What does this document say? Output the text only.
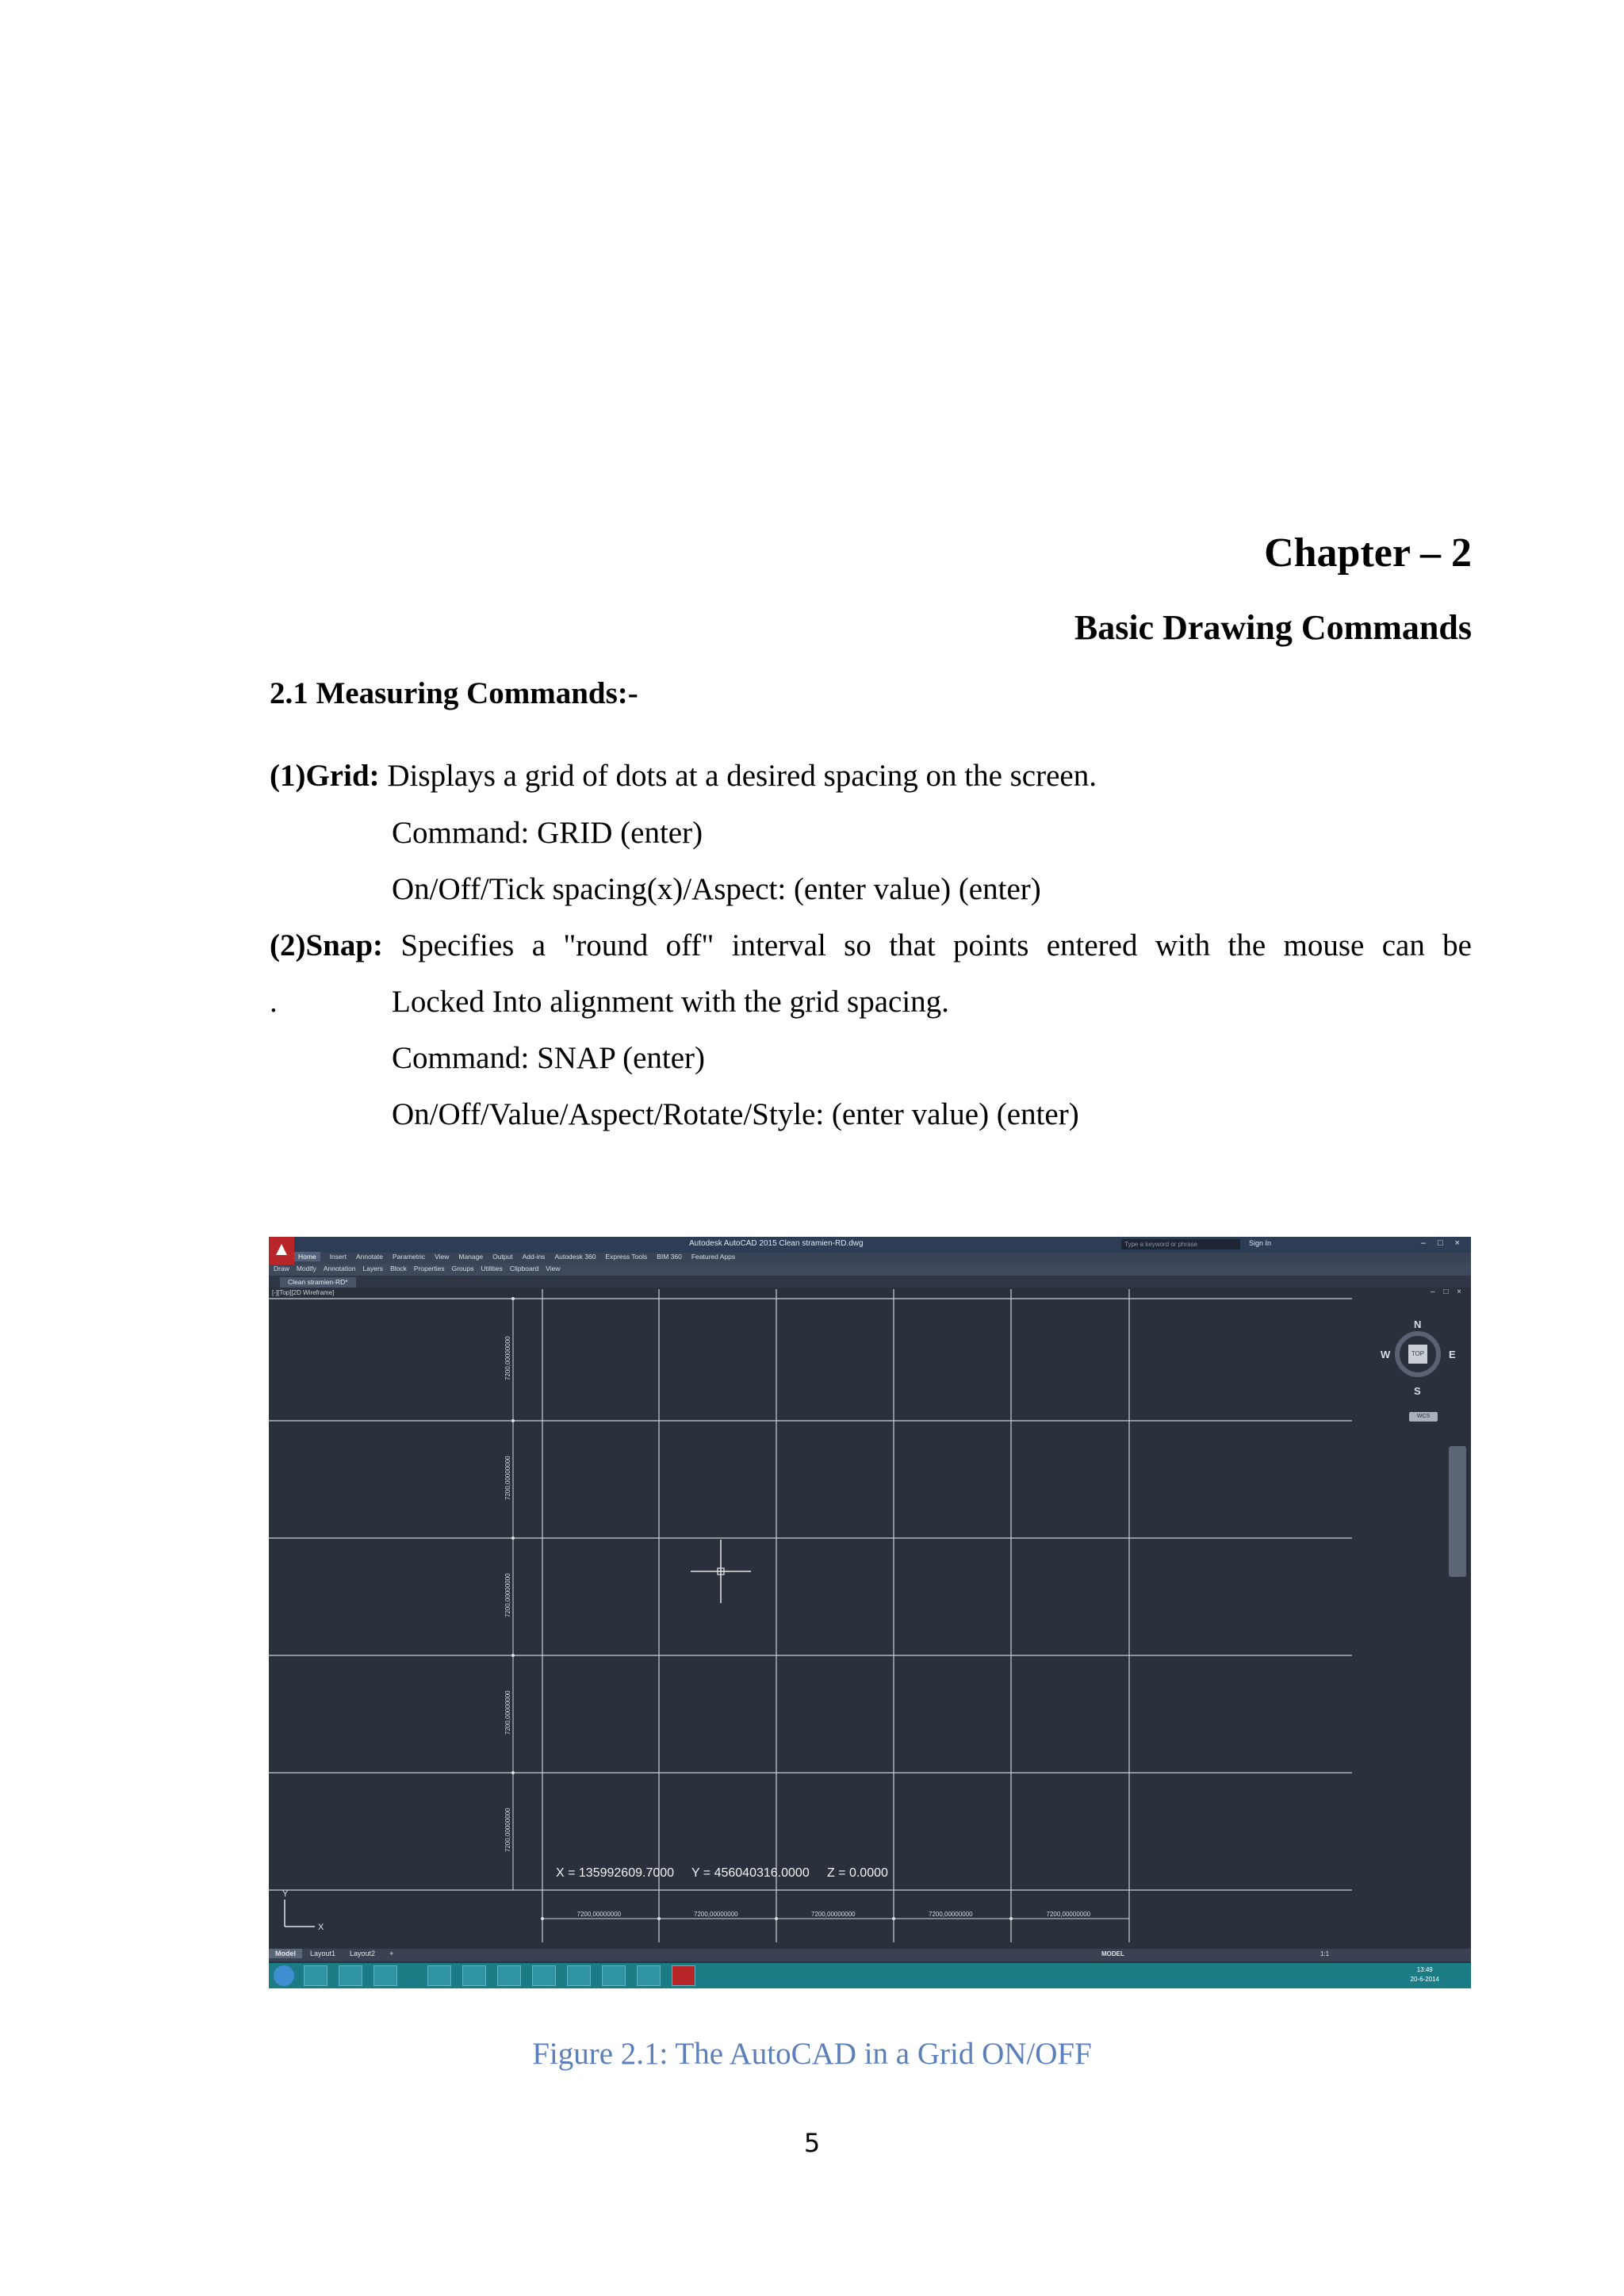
Chapter – 2
Basic Drawing Commands
2.1 Measuring Commands:-
(1)Grid: Displays a grid of dots at a desired spacing on the screen.
Command: GRID (enter)
On/Off/Tick spacing(x)/Aspect: (enter value) (enter)
(2)Snap: Specifies a "round off" interval so that points entered with the mouse can be
.	Locked Into alignment with the grid spacing.
Command: SNAP (enter)
On/Off/Value/Aspect/Rotate/Style: (enter value) (enter)
Autodesk AutoCAD 2015 Clean stramien-RD.dwg	Type a keyword or phrase	Sign In	– □ ×
Home Insert Annotate Parametric View Manage Output Add-ins Autodesk 360 Express Tools BIM 360 Featured Apps
Draw Modify Annotation Layers Block Properties Groups Utilities Clipboard View
Clean stramien-RD*
[-][Top][2D Wireframe]	– □ ×
7200,00000000
7200,00000000
7200,00000000
7200,00000000
7200,00000000
7200,00000000	7200,00000000	7200,00000000	7200,00000000	7200,00000000
Y
X
X = 135992609.7000     Y = 456040316.0000     Z = 0.0000
TOP
N
S
W	E
WCS
Model Layout1 Layout2 +	MODEL	1:1
13:49
20-6-2014
Figure 2.1: The AutoCAD in a Grid ON/OFF
5
